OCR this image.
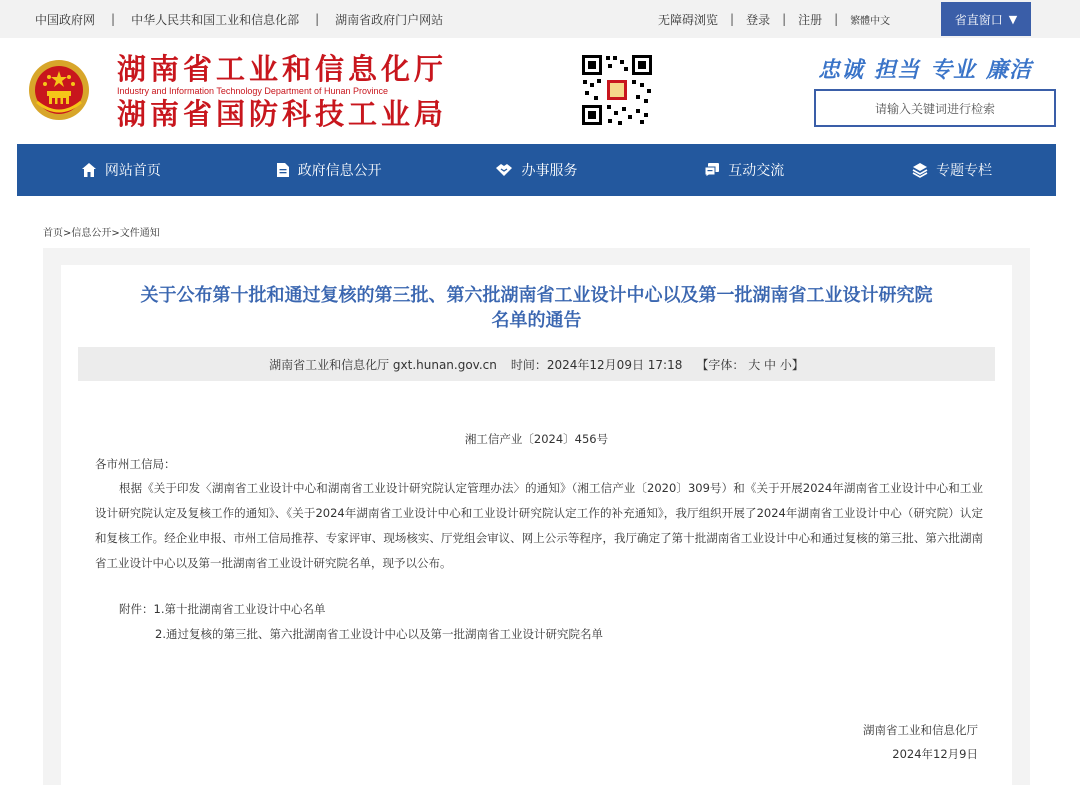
中国政府网 | 中华人民共和国工业和信息化部 | 湖南省政府门户网站	无障碍浏览 | 登录 | 注册 | 繁體中文	省直窗口 ▼
湖南省工业和信息化厅
Industry and Information Technology Department of Hunan Province
湖南省国防科技工业局
忠诚 担当 专业 廉洁
请输入关键词进行检索
网站首页	政府信息公开	办事服务	互动交流	专题专栏
首页>信息公开>文件通知
关于公布第十批和通过复核的第三批、第六批湖南省工业设计中心以及第一批湖南省工业设计研究院
名单的通告
湖南省工业和信息化厅 gxt.hunan.gov.cn 时间：2024年12月09日 17:18 【字体： 大 中 小】
湘工信产业〔2024〕456号
各市州工信局：
根据《关于印发〈湖南省工业设计中心和湖南省工业设计研究院认定管理办法〉的通知》（湘工信产业〔2020〕309号）和《关于开展2024年湖南省工业设计中心和工业设计研究院认定及复核工作的通知》、《关于2024年湖南省工业设计中心和工业设计研究院认定工作的补充通知》，我厅组织开展了2024年湖南省工业设计中心（研究院）认定和复核工作。经企业申报、市州工信局推荐、专家评审、现场核实、厅党组会审议、网上公示等程序，我厅确定了第十批湖南省工业设计中心和通过复核的第三批、第六批湖南省工业设计中心以及第一批湖南省工业设计研究院名单，现予以公布。
附件：1.第十批湖南省工业设计中心名单
2.通过复核的第三批、第六批湖南省工业设计中心以及第一批湖南省工业设计研究院名单
湖南省工业和信息化厅
2024年12月9日
